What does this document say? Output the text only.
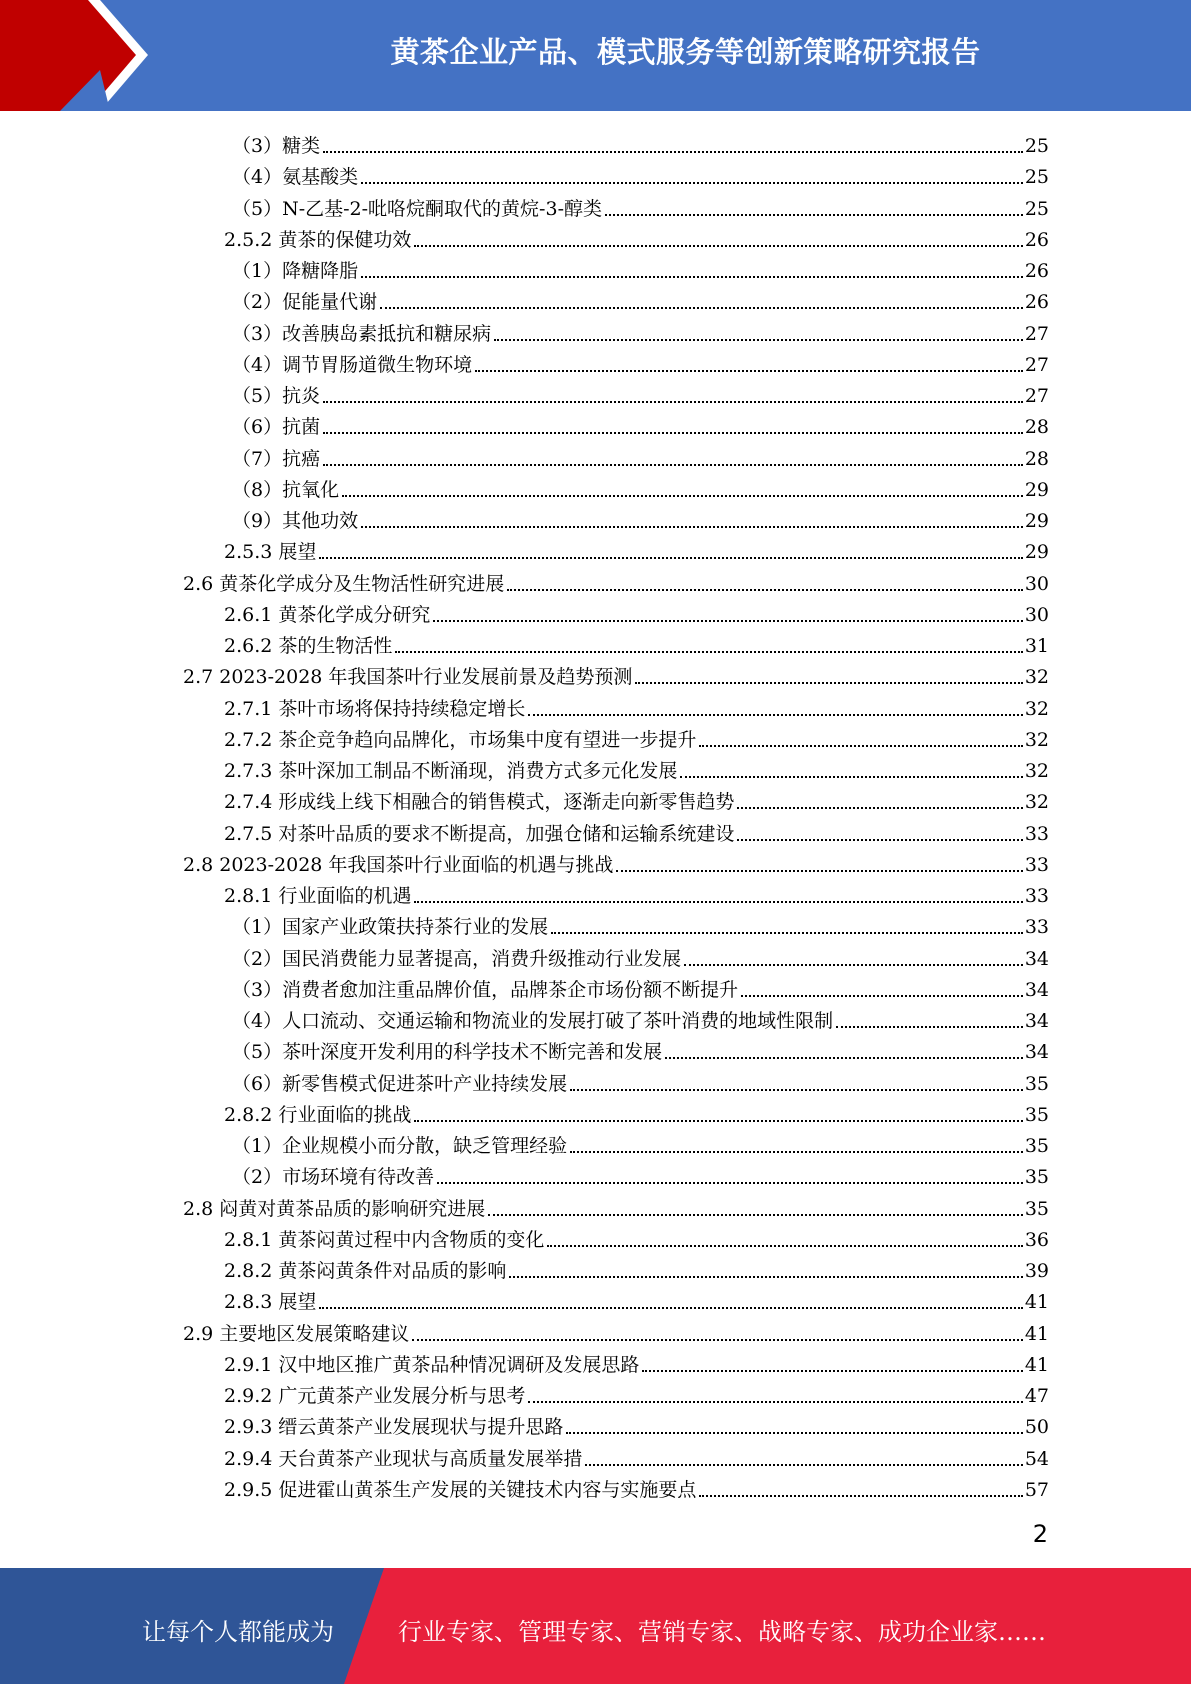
黄茶企业产品、模式服务等创新策略研究报告
（3）糖类	25
（4）氨基酸类	25
（5）N-乙基-2-吡咯烷酮取代的黄烷-3-醇类	25
2.5.2 黄茶的保健功效	26
（1）降糖降脂	26
（2）促能量代谢	26
（3）改善胰岛素抵抗和糖尿病	27
（4）调节胃肠道微生物环境	27
（5）抗炎	27
（6）抗菌	28
（7）抗癌	28
（8）抗氧化	29
（9）其他功效	29
2.5.3 展望	29
2.6 黄茶化学成分及生物活性研究进展	30
2.6.1 黄茶化学成分研究	30
2.6.2 茶的生物活性	31
2.7 2023-2028 年我国茶叶行业发展前景及趋势预测	32
2.7.1 茶叶市场将保持持续稳定增长	32
2.7.2 茶企竞争趋向品牌化，市场集中度有望进一步提升	32
2.7.3 茶叶深加工制品不断涌现，消费方式多元化发展	32
2.7.4 形成线上线下相融合的销售模式，逐渐走向新零售趋势	32
2.7.5 对茶叶品质的要求不断提高，加强仓储和运输系统建设	33
2.8 2023-2028 年我国茶叶行业面临的机遇与挑战	33
2.8.1 行业面临的机遇	33
（1）国家产业政策扶持茶行业的发展	33
（2）国民消费能力显著提高，消费升级推动行业发展	34
（3）消费者愈加注重品牌价值，品牌茶企市场份额不断提升	34
（4）人口流动、交通运输和物流业的发展打破了茶叶消费的地域性限制	34
（5）茶叶深度开发利用的科学技术不断完善和发展	34
（6）新零售模式促进茶叶产业持续发展	35
2.8.2 行业面临的挑战	35
（1）企业规模小而分散，缺乏管理经验	35
（2）市场环境有待改善	35
2.8 闷黄对黄茶品质的影响研究进展	35
2.8.1 黄茶闷黄过程中内含物质的变化	36
2.8.2 黄茶闷黄条件对品质的影响	39
2.8.3 展望	41
2.9 主要地区发展策略建议	41
2.9.1 汉中地区推广黄茶品种情况调研及发展思路	41
2.9.2 广元黄茶产业发展分析与思考	47
2.9.3 缙云黄茶产业发展现状与提升思路	50
2.9.4 天台黄茶产业现状与高质量发展举措	54
2.9.5 促进霍山黄茶生产发展的关键技术内容与实施要点	57
2
让每个人都能成为	行业专家、管理专家、营销专家、战略专家、成功企业家……
